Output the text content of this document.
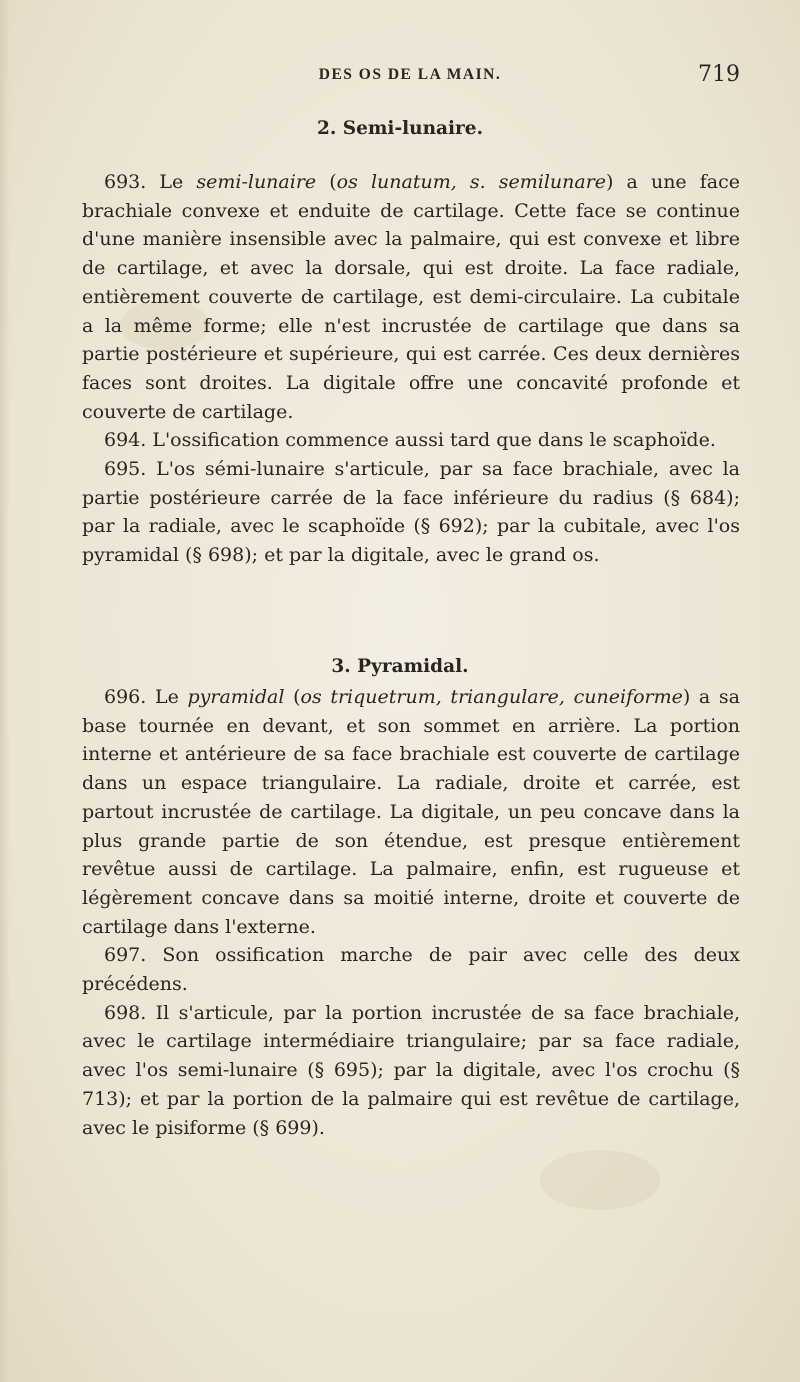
DES OS DE LA MAIN.	719
2. Semi-lunaire.

693. Le semi-lunaire (os lunatum, s. semilunare) a une face brachiale convexe et enduite de cartilage. Cette face se continue d'une manière insensible avec la palmaire, qui est convexe et libre de cartilage, et avec la dorsale, qui est droite. La face radiale, entièrement couverte de cartilage, est demi-circulaire. La cubitale a la même forme; elle n'est incrustée de cartilage que dans sa partie postérieure et supérieure, qui est carrée. Ces deux dernières faces sont droites. La digitale offre une concavité profonde et couverte de cartilage.

694. L'ossification commence aussi tard que dans le scaphoïde.

695. L'os sémi-lunaire s'articule, par sa face brachiale, avec la partie postérieure carrée de la face inférieure du radius (§ 684); par la radiale, avec le scaphoïde (§ 692); par la cubitale, avec l'os pyramidal (§ 698); et par la digitale, avec le grand os.

3. Pyramidal.

696. Le pyramidal (os triquetrum, triangulare, cuneiforme) a sa base tournée en devant, et son sommet en arrière. La portion interne et antérieure de sa face brachiale est couverte de cartilage dans un espace triangulaire. La radiale, droite et carrée, est partout incrustée de cartilage. La digitale, un peu concave dans la plus grande partie de son étendue, est presque entièrement revêtue aussi de cartilage. La palmaire, enfin, est rugueuse et légèrement concave dans sa moitié interne, droite et couverte de cartilage dans l'externe.

697. Son ossification marche de pair avec celle des deux précédens.

698. Il s'articule, par la portion incrustée de sa face brachiale, avec le cartilage intermédiaire triangulaire; par sa face radiale, avec l'os semi-lunaire (§ 695); par la digitale, avec l'os crochu (§ 713); et par la portion de la palmaire qui est revêtue de cartilage, avec le pisiforme (§ 699).
